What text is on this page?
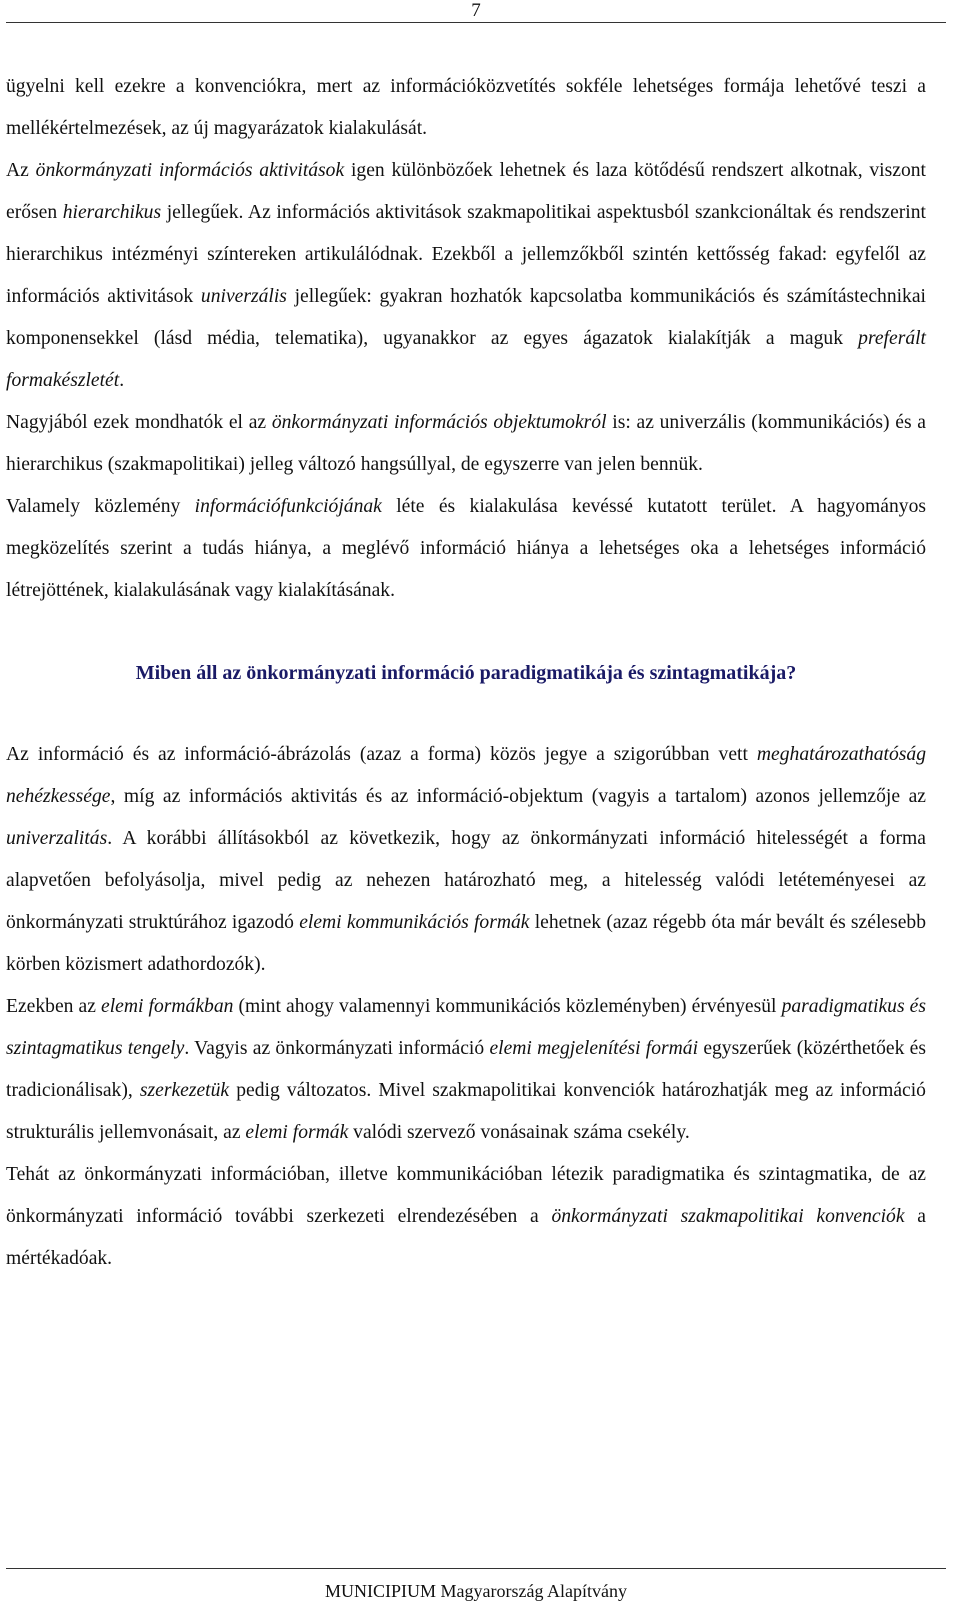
7

ügyelni kell ezekre a konvenciókra, mert az információközvetítés sokféle lehetséges formája lehetővé teszi a mellékértelmezések, az új magyarázatok kialakulását.

Az önkormányzati információs aktivitások igen különbözőek lehetnek és laza kötődésű rendszert alkotnak, viszont erősen hierarchikus jellegűek. Az információs aktivitások szakmapolitikai aspektusból szankcionáltak és rendszerint hierarchikus intézményi színtereken artikulálódnak. Ezekből a jellemzőkből szintén kettősség fakad: egyfelől az információs aktivitások univerzális jellegűek: gyakran hozhatók kapcsolatba kommunikációs és számítástechnikai komponensekkel (lásd média, telematika), ugyanakkor az egyes ágazatok kialakítják a maguk preferált formakészletét.

Nagyjából ezek mondhatók el az önkormányzati információs objektumokról is: az univerzális (kommunikációs) és a hierarchikus (szakmapolitikai) jelleg változó hangsúllyal, de egyszerre van jelen bennük.

Valamely közlemény információfunkciójának léte és kialakulása kevéssé kutatott terület. A hagyományos megközelítés szerint a tudás hiánya, a meglévő információ hiánya a lehetséges oka a lehetséges információ létrejöttének, kialakulásának vagy kialakításának.

Miben áll az önkormányzati információ paradigmatikája és szintagmatikája?

Az információ és az információ-ábrázolás (azaz a forma) közös jegye a szigorúbban vett meghatározathatóság nehézkessége, míg az információs aktivitás és az információ-objektum (vagyis a tartalom) azonos jellemzője az univerzalitás. A korábbi állításokból az következik, hogy az önkormányzati információ hitelességét a forma alapvetően befolyásolja, mivel pedig az nehezen határozható meg, a hitelesség valódi letéteményesei az önkormányzati struktúrához igazodó elemi kommunikációs formák lehetnek (azaz régebb óta már bevált és szélesebb körben közismert adathordozók).

Ezekben az elemi formákban (mint ahogy valamennyi kommunikációs közleményben) érvényesül paradigmatikus és szintagmatikus tengely. Vagyis az önkormányzati információ elemi megjelenítési formái egyszerűek (közérthetőek és tradicionálisak), szerkezetük pedig változatos. Mivel szakmapolitikai konvenciók határozhatják meg az információ strukturális jellemvonásait, az elemi formák valódi szervező vonásainak száma csekély.

Tehát az önkormányzati információban, illetve kommunikációban létezik paradigmatika és szintagmatika, de az önkormányzati információ további szerkezeti elrendezésében a önkormányzati szakmapolitikai konvenciók a mértékadóak.

MUNICIPIUM Magyarország Alapítvány
